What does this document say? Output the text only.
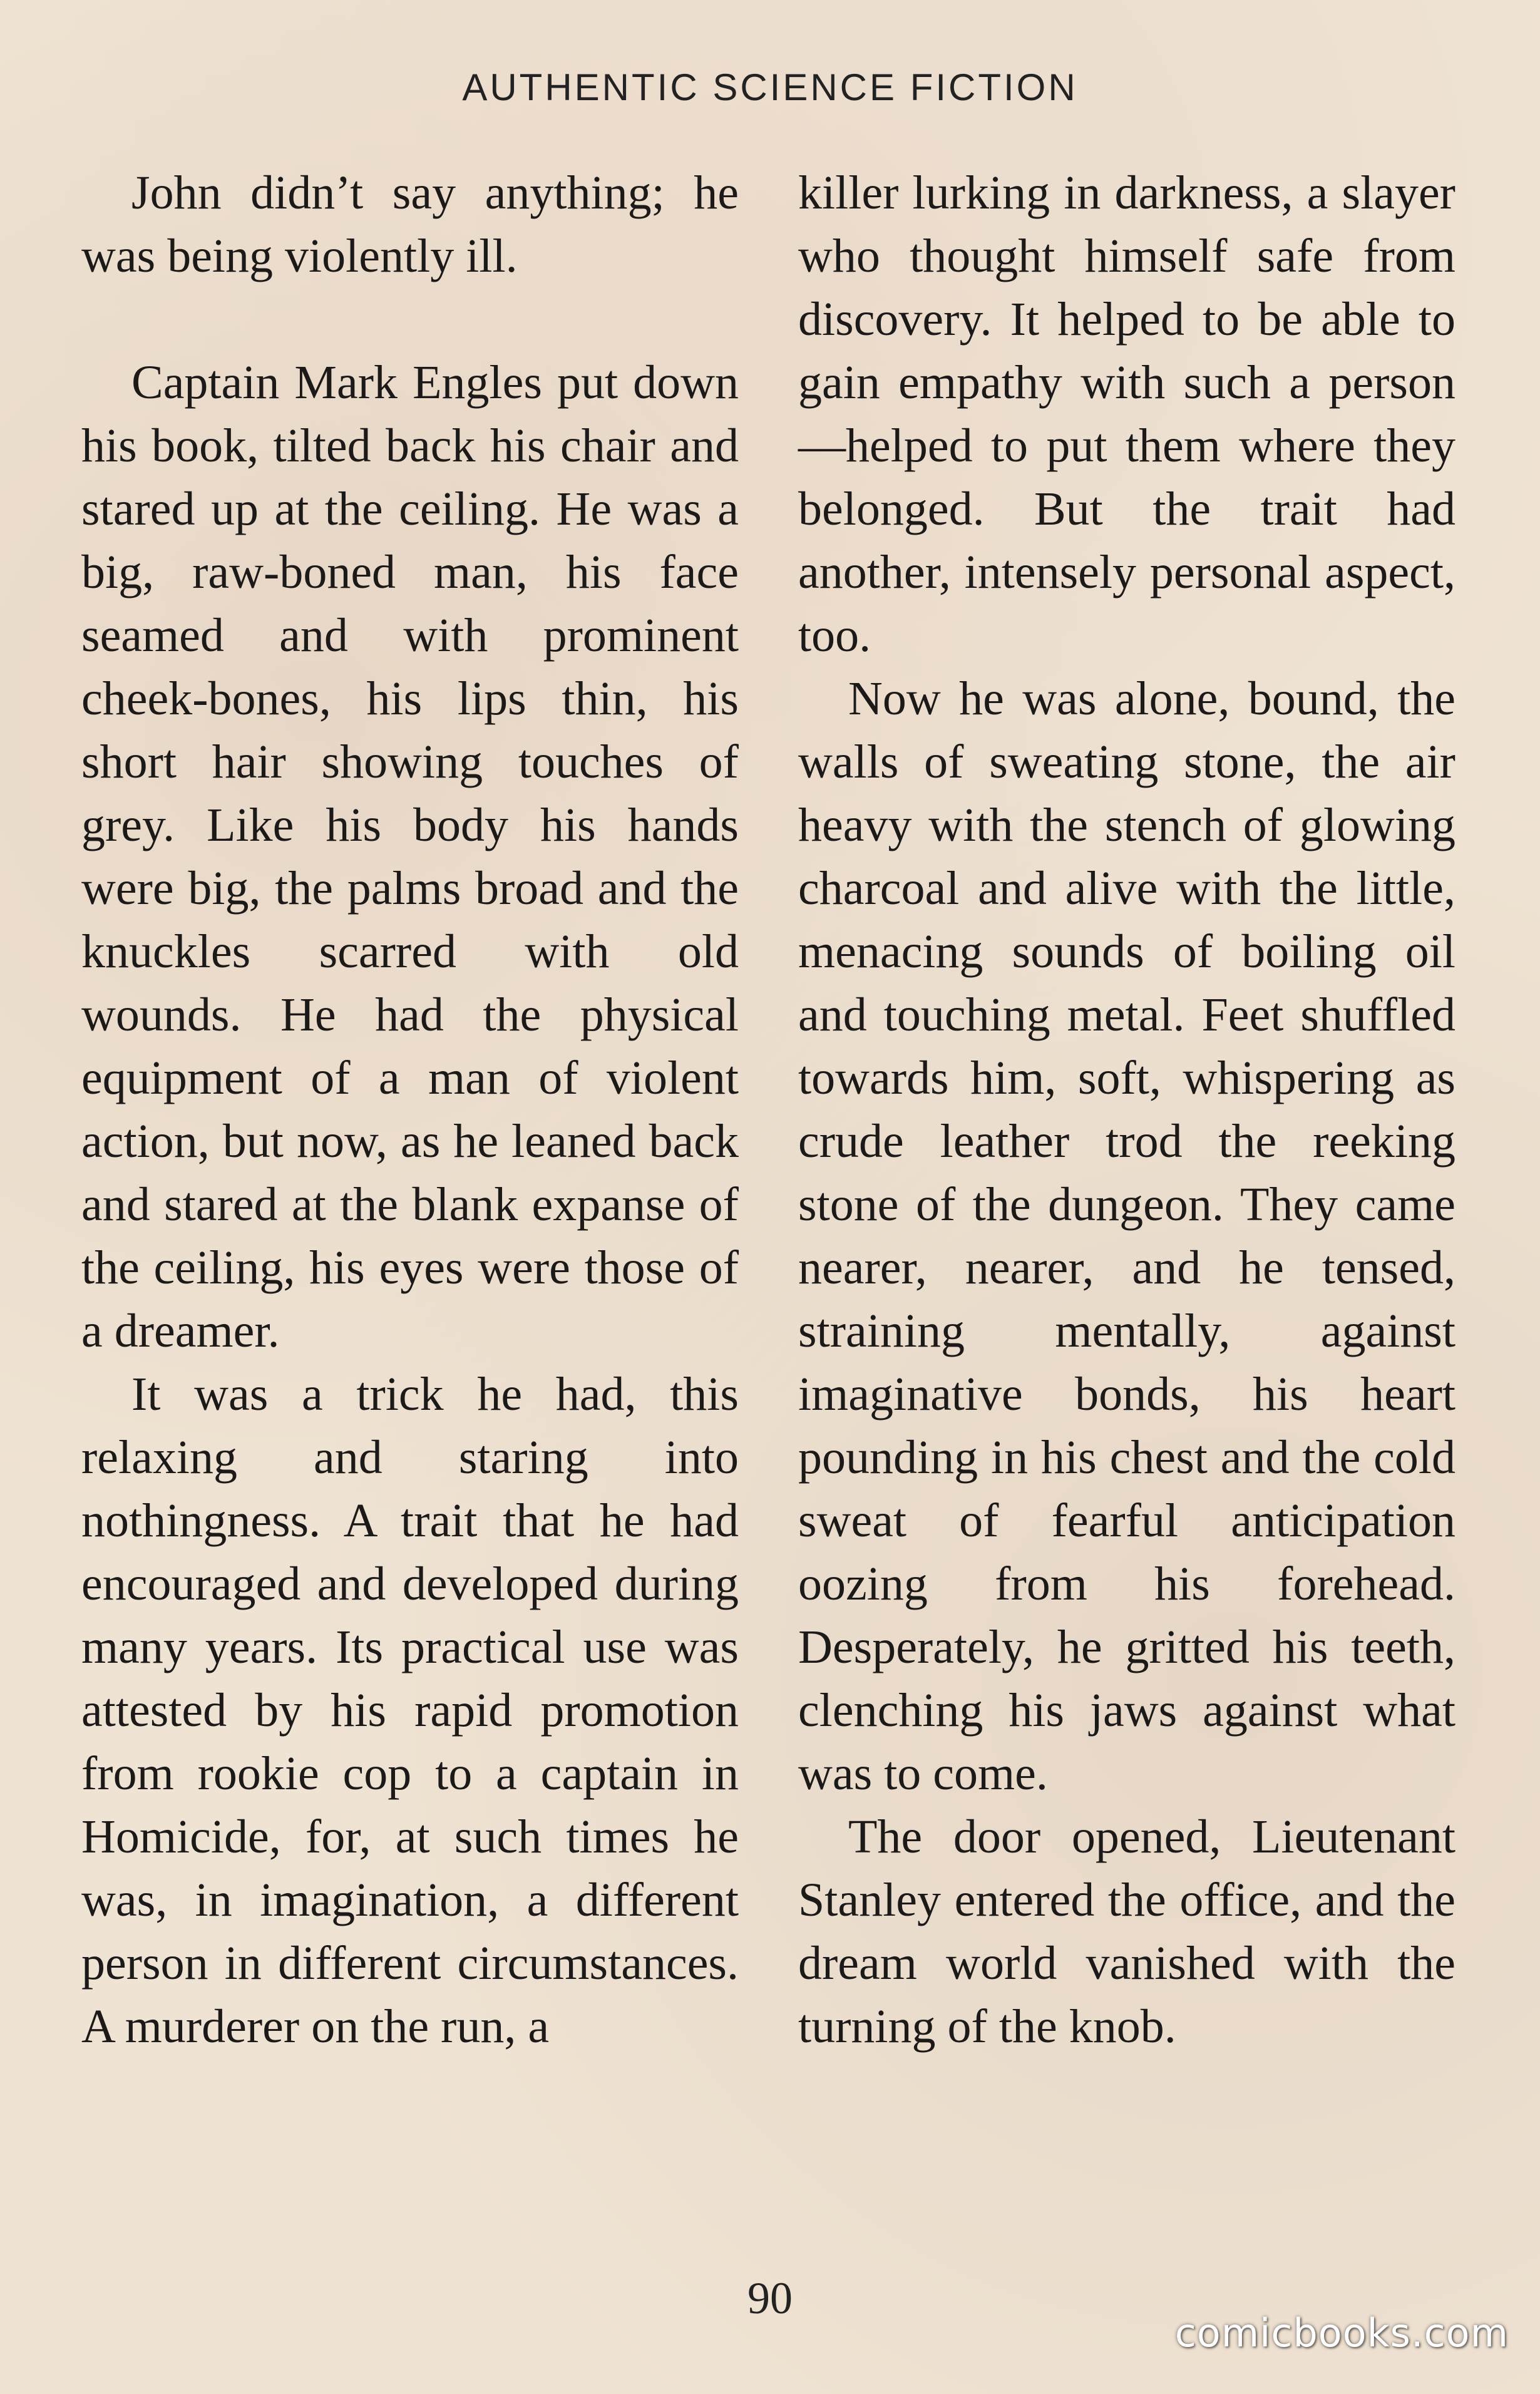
AUTHENTIC SCIENCE FICTION

John didn’t say anything; he was being violently ill.

Captain Mark Engles put down his book, tilted back his chair and stared up at the ceiling. He was a big, raw-boned man, his face seamed and with prominent cheek-bones, his lips thin, his short hair showing touches of grey. Like his body his hands were big, the palms broad and the knuckles scarred with old wounds. He had the physical equipment of a man of violent action, but now, as he leaned back and stared at the blank expanse of the ceiling, his eyes were those of a dreamer.

It was a trick he had, this relaxing and staring into nothingness. A trait that he had encouraged and developed during many years. Its practical use was attested by his rapid promotion from rookie cop to a captain in Homicide, for, at such times he was, in imagination, a different person in different circumstances. A murderer on the run, a

killer lurking in darkness, a slayer who thought himself safe from discovery. It helped to be able to gain empathy with such a person—helped to put them where they belonged. But the trait had another, intensely personal aspect, too.

Now he was alone, bound, the walls of sweating stone, the air heavy with the stench of glowing charcoal and alive with the little, menacing sounds of boiling oil and touching metal. Feet shuffled towards him, soft, whispering as crude leather trod the reeking stone of the dungeon. They came nearer, nearer, and he tensed, straining mentally, against imaginative bonds, his heart pounding in his chest and the cold sweat of fearful anticipation oozing from his forehead. Desperately, he gritted his teeth, clenching his jaws against what was to come.

The door opened, Lieutenant Stanley entered the office, and the dream world vanished with the turning of the knob.

90
comicbooks.com
